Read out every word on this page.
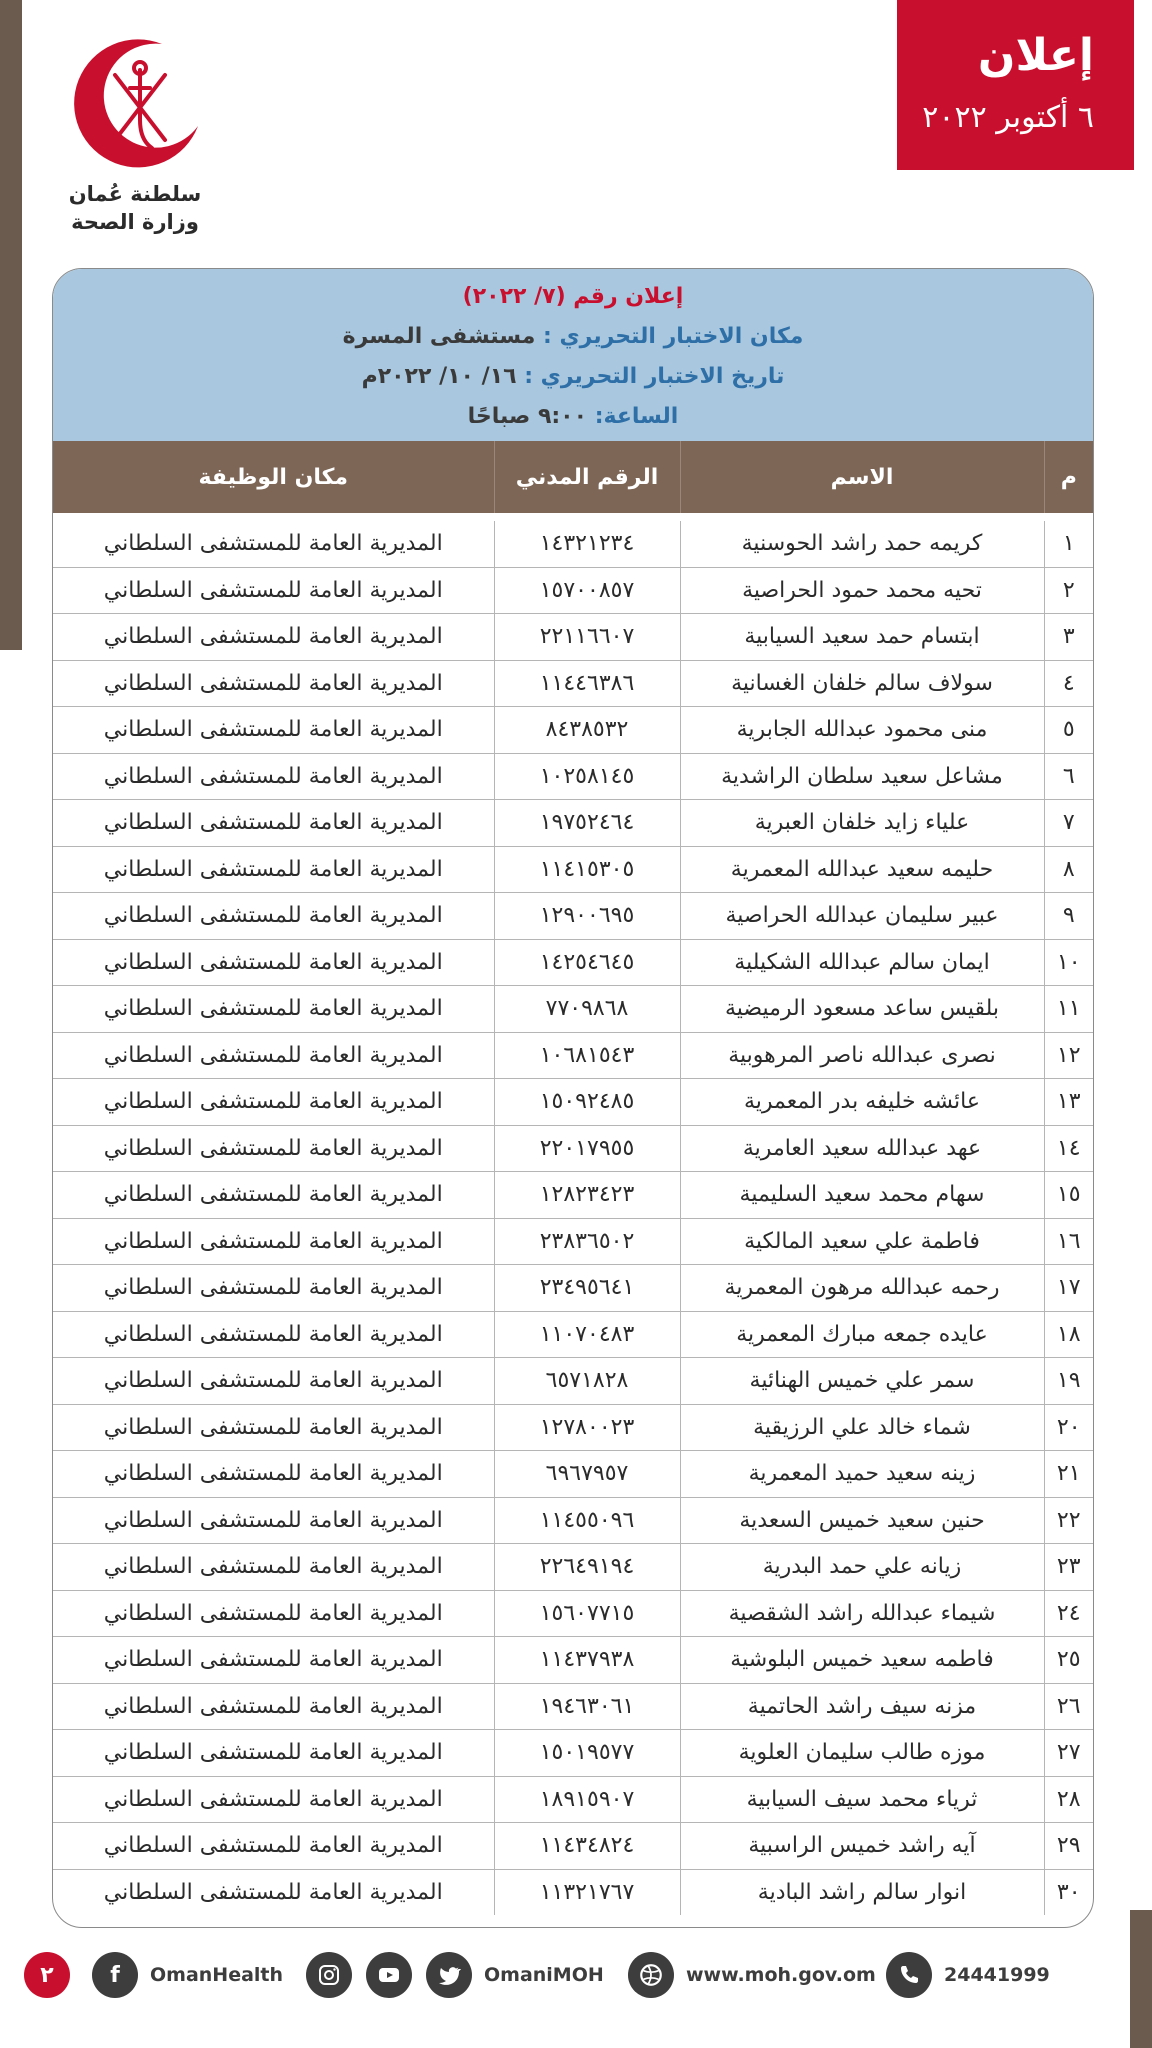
سلطنة عُمان
وزارة الصحة
إعلان
٦ أكتوبر ٢٠٢٢
إعلان رقم (٧/ ٢٠٢٢)
مكان الاختبار التحريري : مستشفى المسرة
تاريخ الاختبار التحريري : ١٦/ ١٠/ ٢٠٢٢م
الساعة: ٩:٠٠ صباحًا
م	الاسم	الرقم المدني	مكان الوظيفة

١	كريمه حمد راشد الحوسنية	١٤٣٢١٢٣٤	المديرية العامة للمستشفى السلطاني
٢	تحيه محمد حمود الحراصية	١٥٧٠٠٨٥٧	المديرية العامة للمستشفى السلطاني
٣	ابتسام حمد سعيد السيابية	٢٢١١٦٦٠٧	المديرية العامة للمستشفى السلطاني
٤	سولاف سالم خلفان الغسانية	١١٤٤٦٣٨٦	المديرية العامة للمستشفى السلطاني
٥	منى محمود عبدالله الجابرية	٨٤٣٨٥٣٢	المديرية العامة للمستشفى السلطاني
٦	مشاعل سعيد سلطان الراشدية	١٠٢٥٨١٤٥	المديرية العامة للمستشفى السلطاني
٧	علياء زايد خلفان العبرية	١٩٧٥٢٤٦٤	المديرية العامة للمستشفى السلطاني
٨	حليمه سعيد عبدالله المعمرية	١١٤١٥٣٠٥	المديرية العامة للمستشفى السلطاني
٩	عبير سليمان عبدالله الحراصية	١٢٩٠٠٦٩٥	المديرية العامة للمستشفى السلطاني
١٠	ايمان سالم عبدالله الشكيلية	١٤٢٥٤٦٤٥	المديرية العامة للمستشفى السلطاني
١١	بلقيس ساعد مسعود الرميضية	٧٧٠٩٨٦٨	المديرية العامة للمستشفى السلطاني
١٢	نصرى عبدالله ناصر المرهوبية	١٠٦٨١٥٤٣	المديرية العامة للمستشفى السلطاني
١٣	عائشه خليفه بدر المعمرية	١٥٠٩٢٤٨٥	المديرية العامة للمستشفى السلطاني
١٤	عهد عبدالله سعيد العامرية	٢٢٠١٧٩٥٥	المديرية العامة للمستشفى السلطاني
١٥	سهام محمد سعيد السليمية	١٢٨٢٣٤٢٣	المديرية العامة للمستشفى السلطاني
١٦	فاطمة علي سعيد المالكية	٢٣٨٣٦٥٠٢	المديرية العامة للمستشفى السلطاني
١٧	رحمه عبدالله مرهون المعمرية	٢٣٤٩٥٦٤١	المديرية العامة للمستشفى السلطاني
١٨	عايده جمعه مبارك المعمرية	١١٠٧٠٤٨٣	المديرية العامة للمستشفى السلطاني
١٩	سمر علي خميس الهنائية	٦٥٧١٨٢٨	المديرية العامة للمستشفى السلطاني
٢٠	شماء خالد علي الرزيقية	١٢٧٨٠٠٢٣	المديرية العامة للمستشفى السلطاني
٢١	زينه سعيد حميد المعمرية	٦٩٦٧٩٥٧	المديرية العامة للمستشفى السلطاني
٢٢	حنين سعيد خميس السعدية	١١٤٥٥٠٩٦	المديرية العامة للمستشفى السلطاني
٢٣	زيانه علي حمد البدرية	٢٢٦٤٩١٩٤	المديرية العامة للمستشفى السلطاني
٢٤	شيماء عبدالله راشد الشقصية	١٥٦٠٧٧١٥	المديرية العامة للمستشفى السلطاني
٢٥	فاطمه سعيد خميس البلوشية	١١٤٣٧٩٣٨	المديرية العامة للمستشفى السلطاني
٢٦	مزنه سيف راشد الحاتمية	١٩٤٦٣٠٦١	المديرية العامة للمستشفى السلطاني
٢٧	موزه طالب سليمان العلوية	١٥٠١٩٥٧٧	المديرية العامة للمستشفى السلطاني
٢٨	ثرياء محمد سيف السيابية	١٨٩١٥٩٠٧	المديرية العامة للمستشفى السلطاني
٢٩	آيه راشد خميس الراسبية	١١٤٣٤٨٢٤	المديرية العامة للمستشفى السلطاني
٣٠	انوار سالم راشد البادية	١١٣٢١٧٦٧	المديرية العامة للمستشفى السلطاني
٢	f	OmanHealth	OmaniMOH	www.moh.gov.om	24441999
